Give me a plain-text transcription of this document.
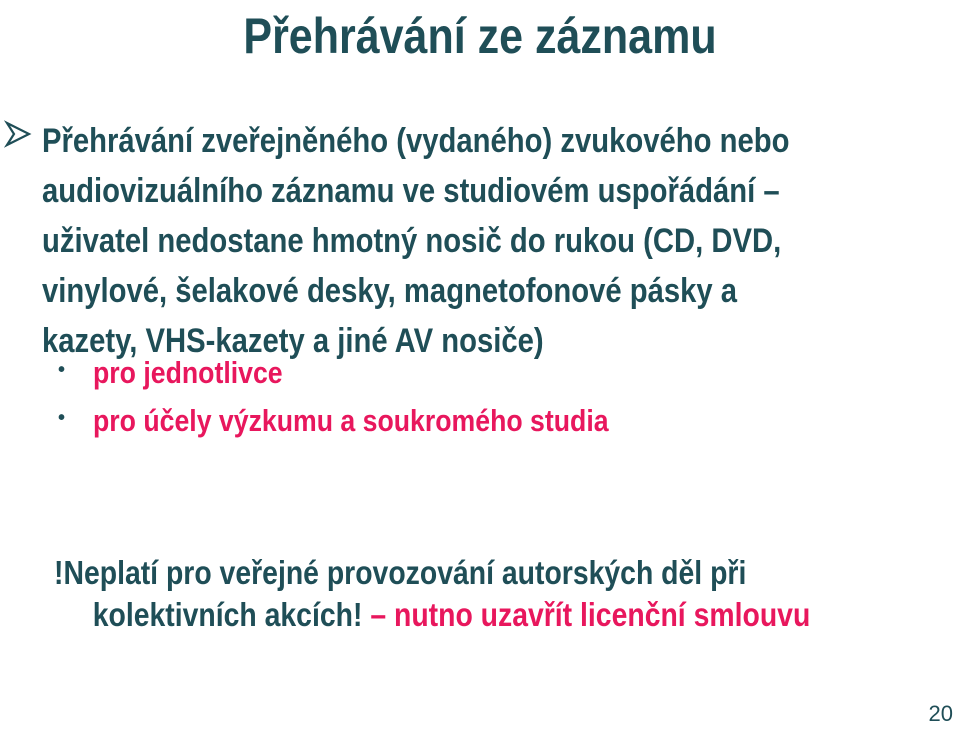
Přehrávání ze záznamu

Přehrávání zveřejněného (vydaného) zvukového nebo
audiovizuálního záznamu ve studiovém uspořádání –
uživatel nedostane hmotný nosič do rukou (CD, DVD,
vinylové, šelakové desky, magnetofonové pásky a
kazety, VHS-kazety a jiné AV nosiče)

• pro jednotlivce
• pro účely výzkumu a soukromého studia

!Neplatí pro veřejné provozování autorských děl při
kolektivních akcích! – nutno uzavřít licenční smlouvu

20
